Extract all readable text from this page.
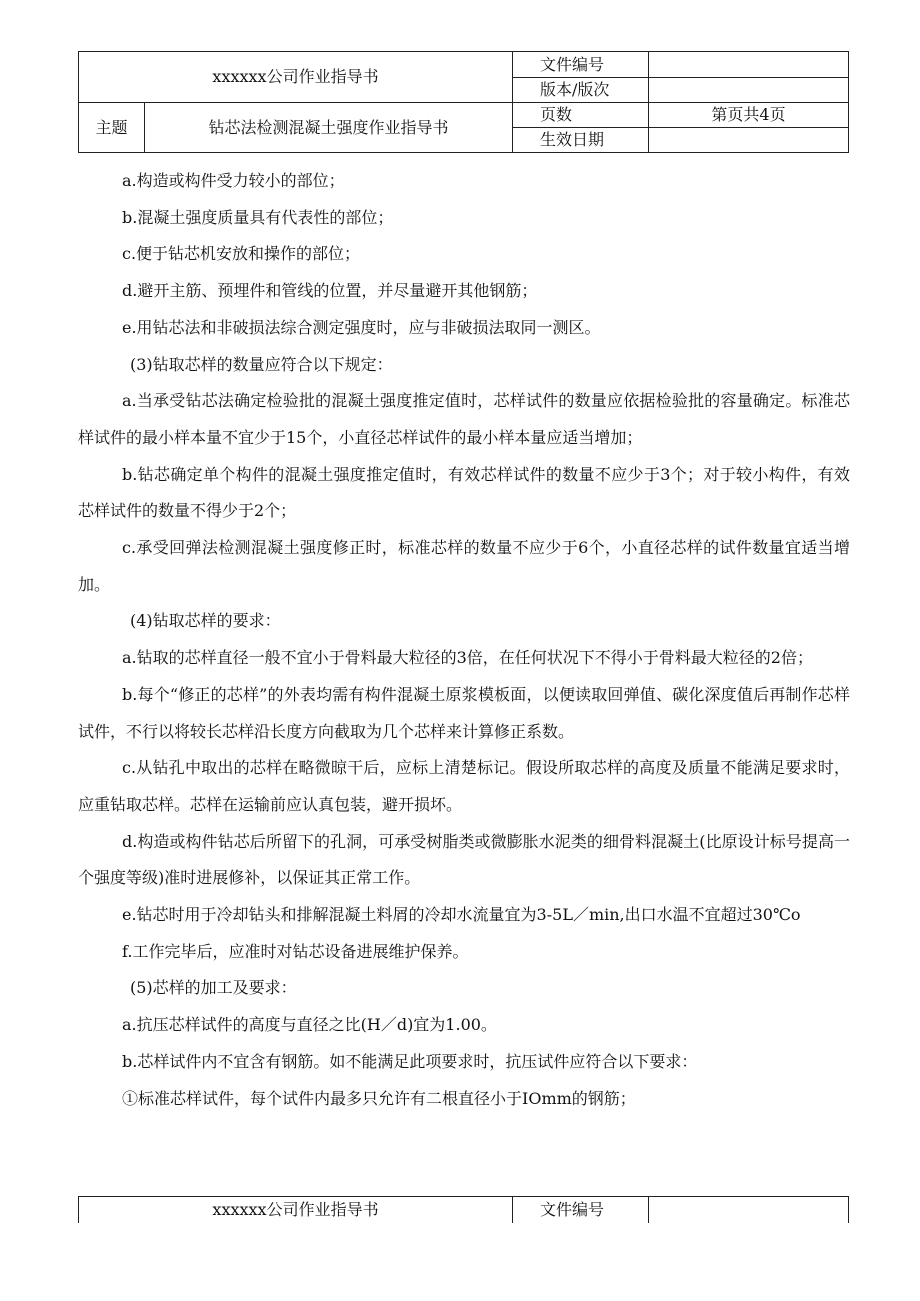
xxxxxx公司作业指导书		文件编号	
		版本/版次	
主题	钻芯法检测混凝土强度作业指导书	页数	第页共4页
		生效日期	

a.构造或构件受力较小的部位；

b.混凝土强度质量具有代表性的部位；

c.便于钻芯机安放和操作的部位；

d.避开主筋、预埋件和管线的位置，并尽量避开其他钢筋；

e.用钻芯法和非破损法综合测定强度时，应与非破损法取同一测区。

(3)钻取芯样的数量应符合以下规定：

a.当承受钻芯法确定检验批的混凝土强度推定值时，芯样试件的数量应依据检验批的容量确定。标准芯样试件的最小样本量不宜少于15个，小直径芯样试件的最小样本量应适当增加；

b.钻芯确定单个构件的混凝土强度推定值时，有效芯样试件的数量不应少于3个；对于较小构件，有效芯样试件的数量不得少于2个；

c.承受回弹法检测混凝土强度修正时，标准芯样的数量不应少于6个，小直径芯样的试件数量宜适当增加。

(4)钻取芯样的要求：

a.钻取的芯样直径一般不宜小于骨料最大粒径的3倍，在任何状况下不得小于骨料最大粒径的2倍；

b.每个“修正的芯样”的外表均需有构件混凝土原浆模板面，以便读取回弹值、碳化深度值后再制作芯样试件，不行以将较长芯样沿长度方向截取为几个芯样来计算修正系数。

c.从钻孔中取出的芯样在略微晾干后，应标上清楚标记。假设所取芯样的高度及质量不能满足要求时，应重钻取芯样。芯样在运输前应认真包装，避开损坏。

d.构造或构件钻芯后所留下的孔洞，可承受树脂类或微膨胀水泥类的细骨料混凝土(比原设计标号提高一个强度等级)准时进展修补，以保证其正常工作。

e.钻芯时用于冷却钻头和排解混凝土料屑的冷却水流量宜为3-5L／min,出口水温不宜超过30℃o

f.工作完毕后，应准时对钻芯设备进展维护保养。

(5)芯样的加工及要求：

a.抗压芯样试件的高度与直径之比(H／d)宜为1.00。

b.芯样试件内不宜含有钢筋。如不能满足此项要求时，抗压试件应符合以下要求：

①标准芯样试件，每个试件内最多只允许有二根直径小于IOmm的钢筋；

xxxxxx公司作业指导书	文件编号	
